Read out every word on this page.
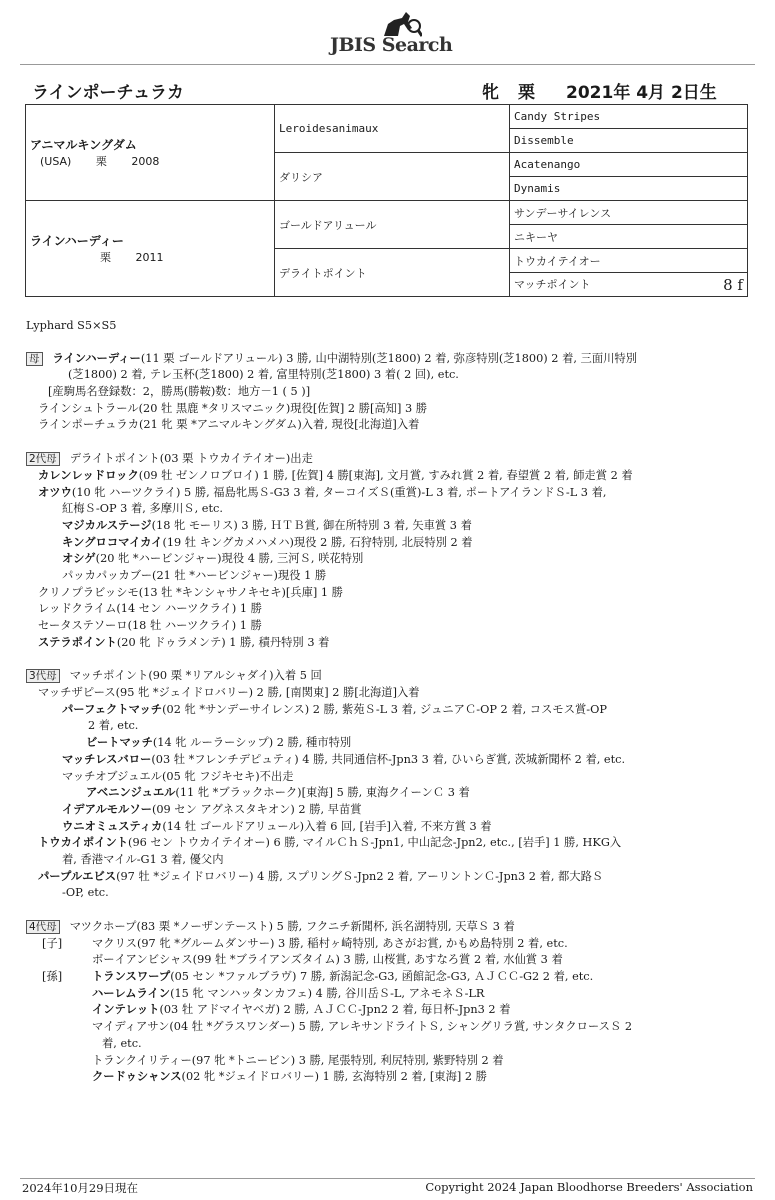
JBIS Search
ラインポーチュラカ	牝 栗 2021年 4月 2日生
アニマルキングダム
(USA) 栗 2008	Leroidesanimaux	Candy Stripes
		Dissemble
	ダリシア	Acatenango
		Dynamis

ラインハーディー
栗 2011	ゴールドアリュール	サンデーサイレンス
		ニキーヤ
	デライトポイント	トウカイテイオー
		マッチポイント 8 f
Lyphard S5×S5
母 ラインハーディー(11 栗 ゴールドアリュール) 3 勝, 山中湖特別(芝1800) 2 着, 弥彦特別(芝1800) 2 着, 三面川特別
(芝1800) 2 着, テレ玉杯(芝1800) 2 着, 富里特別(芝1800) 3 着( 2 回), etc.
[産駒馬名登録数：2，勝馬(勝鞍)数：地方－1 ( 5 )]
ラインシュトラール(20 牡 黒鹿 *タリスマニック)現役[佐賀] 2 勝[高知] 3 勝
ラインポーチュラカ(21 牝 栗 *アニマルキングダム)入着, 現役[北海道]入着
2代母 デライトポイント(03 栗 トウカイテイオー)出走
カレンレッドロック(09 牡 ゼンノロブロイ) 1 勝, [佐賀] 4 勝[東海], 文月賞, すみれ賞 2 着, 春望賞 2 着, 師走賞 2 着
オツウ(10 牝 ハーツクライ) 5 勝, 福島牝馬Ｓ-G3 3 着, ターコイズＳ(重賞)-L 3 着, ポートアイランドＳ-L 3 着,
紅梅Ｓ-OP 3 着, 多摩川Ｓ, etc.
マジカルステージ(18 牝 モーリス) 3 勝, ＨＴＢ賞, 御在所特別 3 着, 矢車賞 3 着
キングロコマイカイ(19 牡 キングカメハメハ)現役 2 勝, 石狩特別, 北辰特別 2 着
オシゲ(20 牝 *ハービンジャー)現役 4 勝, 三河Ｓ, 咲花特別
パッカパッカブー(21 牡 *ハービンジャー)現役 1 勝
クリノプラビッシモ(13 牡 *キンシャサノキセキ)[兵庫] 1 勝
レッドクライム(14 セン ハーツクライ) 1 勝
セータステソーロ(18 牡 ハーツクライ) 1 勝
ステラポイント(20 牝 ドゥラメンテ) 1 勝, 積丹特別 3 着
3代母 マッチポイント(90 栗 *リアルシャダイ)入着 5 回
マッチザピース(95 牝 *ジェイドロバリー) 2 勝, [南関東] 2 勝[北海道]入着
パーフェクトマッチ(02 牝 *サンデーサイレンス) 2 勝, 紫苑Ｓ-L 3 着, ジュニアＣ-OP 2 着, コスモス賞-OP
2 着, etc.
ビートマッチ(14 牝 ルーラーシップ) 2 勝, 種市特別
マッチレスバロー(03 牡 *フレンチデピュティ) 4 勝, 共同通信杯-Jpn3 3 着, ひいらぎ賞, 茨城新聞杯 2 着, etc.
マッチオブジュエル(05 牝 フジキセキ)不出走
アベニンジュエル(11 牝 *ブラックホーク)[東海] 5 勝, 東海クイーンＣ 3 着
イデアルモルソー(09 セン アグネスタキオン) 2 勝, 早苗賞
ウニオミュスティカ(14 牡 ゴールドアリュール)入着 6 回, [岩手]入着, 不来方賞 3 着
トウカイポイント(96 セン トウカイテイオー) 6 勝, マイルＣｈＳ-Jpn1, 中山記念-Jpn2, etc., [岩手] 1 勝, HKG入
着, 香港マイル-G1 3 着, 優父内
パープルエビス(97 牡 *ジェイドロバリー) 4 勝, スプリングＳ-Jpn2 2 着, アーリントンＣ-Jpn3 2 着, 都大路Ｓ
-OP, etc.
4代母 マツクホープ(83 栗 *ノーザンテースト) 5 勝, フクニチ新聞杯, 浜名湖特別, 天草Ｓ 3 着
[子]	マクリス(97 牝 *グルームダンサー) 3 勝, 稲村ヶ崎特別, あさがお賞, かもめ島特別 2 着, etc.
ボーイアンビシャス(99 牡 *ブライアンズタイム) 3 勝, 山桜賞, あすなろ賞 2 着, 水仙賞 3 着
[孫]	トランスワープ(05 セン *ファルブラヴ) 7 勝, 新潟記念-G3, 函館記念-G3, ＡＪＣＣ-G2 2 着, etc.
ハーレムライン(15 牝 マンハッタンカフェ) 4 勝, 谷川岳Ｓ-L, アネモネＳ-LR
インテレット(03 牡 アドマイヤベガ) 2 勝, ＡＪＣＣ-Jpn2 2 着, 毎日杯-Jpn3 2 着
マイディアサン(04 牡 *グラスワンダー) 5 勝, アレキサンドライトＳ, シャングリラ賞, サンタクロースＳ 2
着, etc.
トランクイリティー(97 牝 *トニービン) 3 勝, 尾張特別, 利尻特別, 紫野特別 2 着
クードゥシャンス(02 牝 *ジェイドロバリー) 1 勝, 玄海特別 2 着, [東海] 2 勝
2024年10月29日現在	Copyright 2024 Japan Bloodhorse Breeders' Association
